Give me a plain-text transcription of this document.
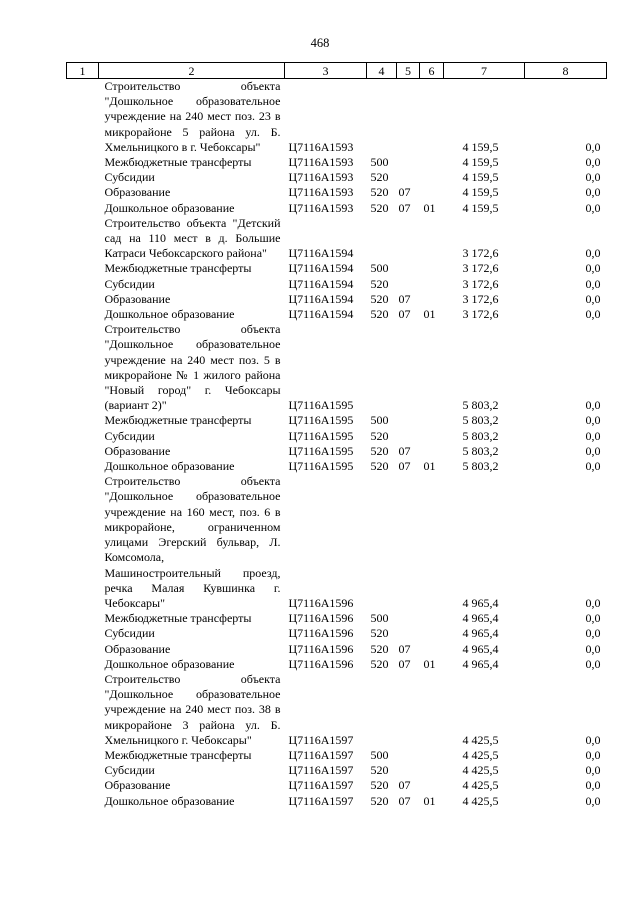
468
1	2	3	4	5	6	7	8
	Строительство объекта "Дошкольное образовательное учреждение на 240 мест поз. 23 в микрорайоне 5 района ул. Б. Хмельницкого в г. Чебоксары"	Ц7116А1593				4 159,5	0,0
	Межбюджетные трансферты	Ц7116А1593	500			4 159,5	0,0
	Субсидии	Ц7116А1593	520			4 159,5	0,0
	Образование	Ц7116А1593	520	07		4 159,5	0,0
	Дошкольное образование	Ц7116А1593	520	07	01	4 159,5	0,0
	Строительство объекта "Детский сад на 110 мест в д. Большие Катраси Чебоксарского района"	Ц7116А1594				3 172,6	0,0
	Межбюджетные трансферты	Ц7116А1594	500			3 172,6	0,0
	Субсидии	Ц7116А1594	520			3 172,6	0,0
	Образование	Ц7116А1594	520	07		3 172,6	0,0
	Дошкольное образование	Ц7116А1594	520	07	01	3 172,6	0,0
	Строительство объекта "Дошкольное образовательное учреждение на 240 мест поз. 5 в микрорайоне № 1 жилого района "Новый город" г. Чебоксары (вариант 2)"	Ц7116А1595				5 803,2	0,0
	Межбюджетные трансферты	Ц7116А1595	500			5 803,2	0,0
	Субсидии	Ц7116А1595	520			5 803,2	0,0
	Образование	Ц7116А1595	520	07		5 803,2	0,0
	Дошкольное образование	Ц7116А1595	520	07	01	5 803,2	0,0
	Строительство объекта "Дошкольное образовательное учреждение на 160 мест, поз. 6 в микрорайоне, ограниченном улицами Эгерский бульвар, Л. Комсомола, Машиностроительный проезд, речка Малая Кувшинка г. Чебоксары"	Ц7116А1596				4 965,4	0,0
	Межбюджетные трансферты	Ц7116А1596	500			4 965,4	0,0
	Субсидии	Ц7116А1596	520			4 965,4	0,0
	Образование	Ц7116А1596	520	07		4 965,4	0,0
	Дошкольное образование	Ц7116А1596	520	07	01	4 965,4	0,0
	Строительство объекта "Дошкольное образовательное учреждение на 240 мест поз. 38 в микрорайоне 3 района ул. Б. Хмельницкого г. Чебоксары"	Ц7116А1597				4 425,5	0,0
	Межбюджетные трансферты	Ц7116А1597	500			4 425,5	0,0
	Субсидии	Ц7116А1597	520			4 425,5	0,0
	Образование	Ц7116А1597	520	07		4 425,5	0,0
	Дошкольное образование	Ц7116А1597	520	07	01	4 425,5	0,0
